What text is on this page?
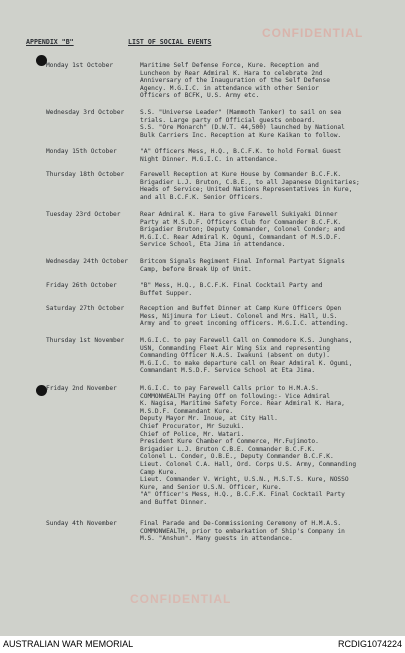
CONFIDENTIAL
APPENDIX "B"	LIST OF SOCIAL EVENTS
Monday 1st October	Maritime Self Defense Force, Kure. Reception and
Luncheon by Rear Admiral K. Hara to celebrate 2nd
Anniversary of the Inauguration of the Self Defense
Agency. M.G.I.C. in attendance with other Senior
Officers of BCFK, U.S. Army etc.
Wednesday 3rd October	S.S. "Universe Leader" (Mammoth Tanker) to sail on sea
trials. Large party of Official guests onboard.
S.S. "Ore Monarch" (D.W.T. 44,500) launched by National
Bulk Carriers Inc. Reception at Kure Kaikan to follow.
Monday 15th October	"A" Officers Mess, H.Q., B.C.F.K. to hold Formal Guest
Night Dinner. M.G.I.C. in attendance.
Thursday 18th October	Farewell Reception at Kure House by Commander B.C.F.K.
Brigadier L.J. Bruton, C.B.E., to all Japanese Dignitaries;
Heads of Service; United Nations Representatives in Kure,
and all B.C.F.K. Senior Officers.
Tuesday 23rd October	Rear Admiral K. Hara to give Farewell Sukiyaki Dinner
Party at M.S.D.F. Officers Club for Commander B.C.F.K.
Brigadier Bruton; Deputy Commander, Colonel Conder; and
M.G.I.C. Rear Admiral K. Ogumi, Commandant of M.S.D.F.
Service School, Eta Jima in attendance.
Wednesday 24th October	Britcom Signals Regiment Final Informal Partyat Signals
Camp, before Break Up of Unit.
Friday 26th October	"B" Mess, H.Q., B.C.F.K. Final Cocktail Party and
Buffet Supper.
Saturday 27th October	Reception and Buffet Dinner at Camp Kure Officers Open
Mess, Nijimura for Lieut. Colonel and Mrs. Hall, U.S.
Army and to greet incoming officers. M.G.I.C. attending.
Thursday 1st November	M.G.I.C. to pay Farewell Call on Commodore K.S. Junghans,
USN, Commanding Fleet Air Wing Six and representing
Commanding Officer N.A.S. Iwakuni (absent on duty).
M.G.I.C. to make departure call on Rear Admiral K. Ogumi,
Commandant M.S.D.F. Service School at Eta Jima.
Friday 2nd November	M.G.I.C. to pay Farewell Calls prior to H.M.A.S.
COMMONWEALTH Paying Off on following:- Vice Admiral
K. Nagisa, Maritime Safety Force. Rear Admiral K. Hara,
M.S.D.F. Commandant Kure.
Deputy Mayor Mr. Inoue, at City Hall.
Chief Procurator, Mr Suzuki.
Chief of Police, Mr. Watari.
President Kure Chamber of Commerce, Mr.Fujimoto.
Brigadier L.J. Bruton C.B.E. Commander B.C.F.K.
Colonel L. Conder, O.B.E., Deputy Commander B.C.F.K.
Lieut. Colonel C.A. Hall, Ord. Corps U.S. Army, Commanding
Camp Kure.
Lieut. Commander V. Wright, U.S.N., M.S.T.S. Kure, NOSSO
Kure, and Senior U.S.N. Officer, Kure.
"A" Officer's Mess, H.Q., B.C.F.K. Final Cocktail Party
and Buffet Dinner.
Sunday 4th November	Final Parade and De-Commissioning Ceremony of H.M.A.S.
COMMONWEALTH, prior to embarkation of Ship's Company in
M.S. "Anshun". Many guests in attendance.
CONFIDENTIAL
AUSTRALIAN WAR MEMORIAL	RCDIG1074224
